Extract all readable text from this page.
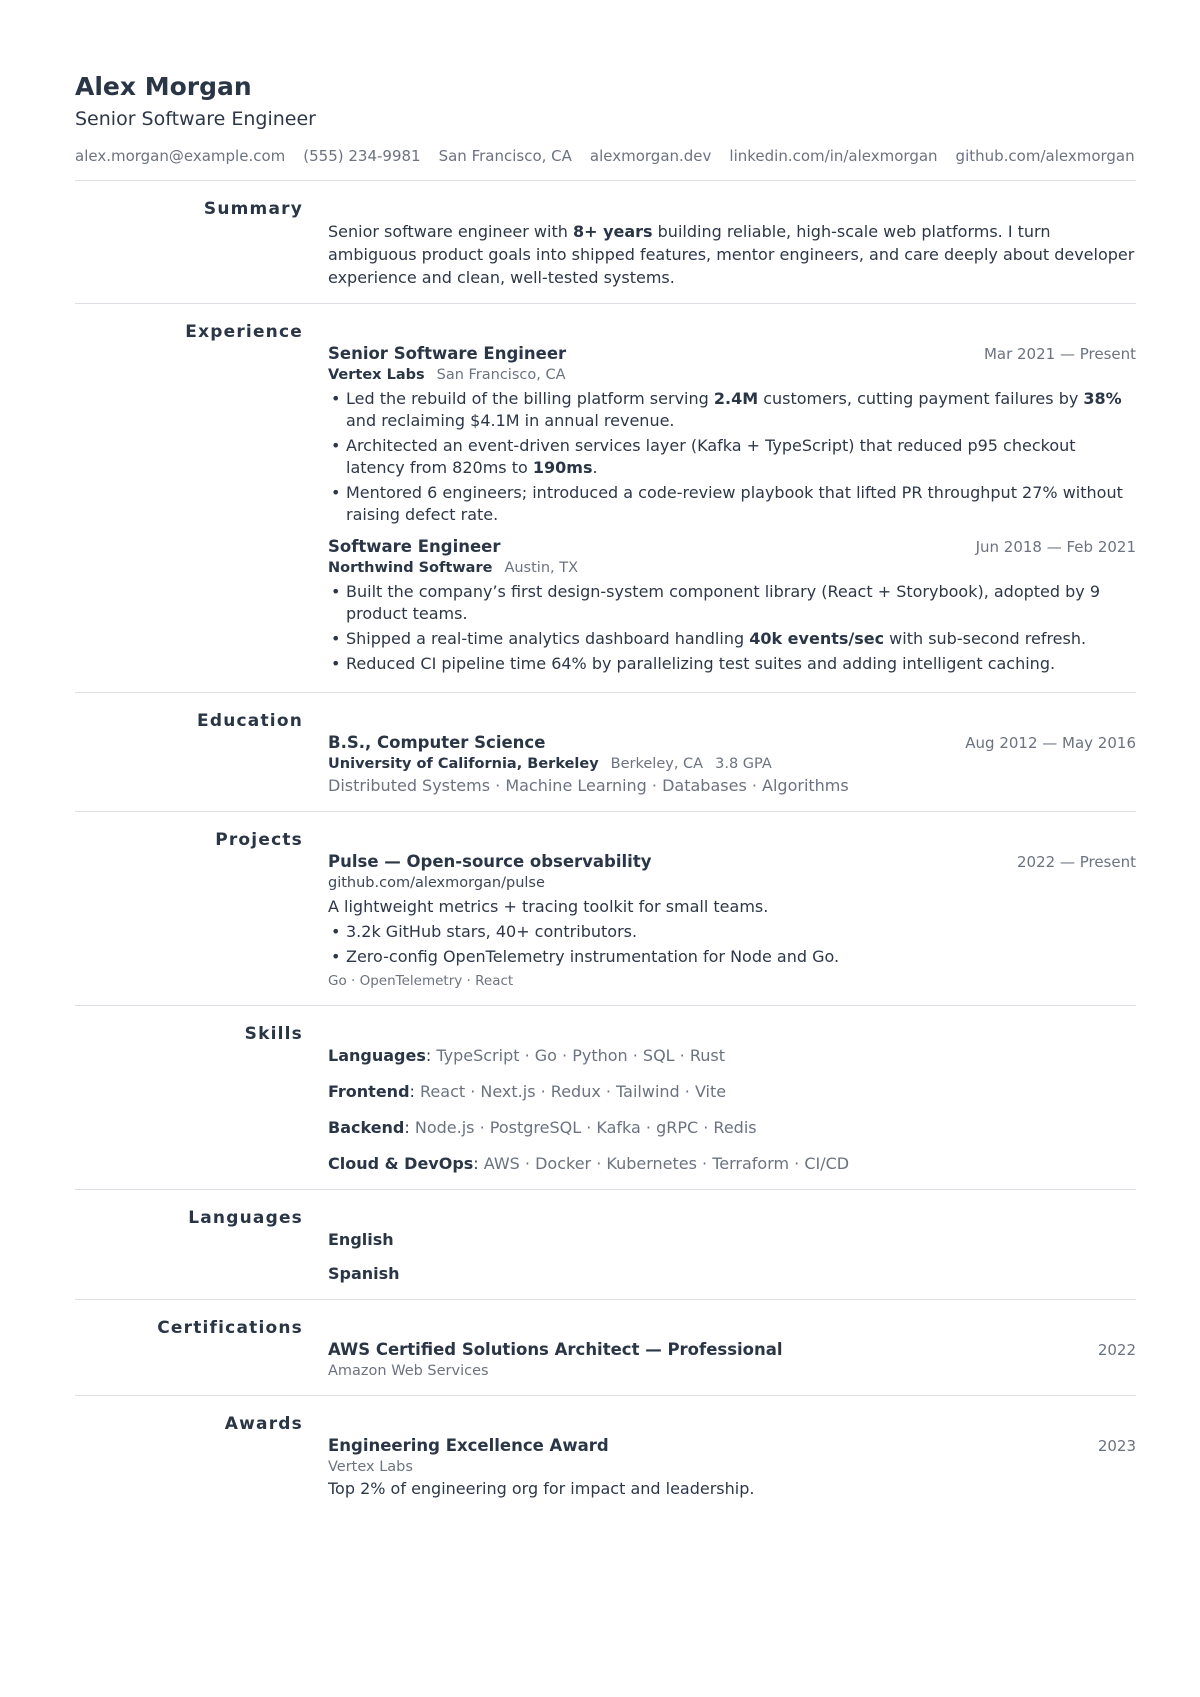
Alex Morgan
Senior Software Engineer
alex.morgan@example.com (555) 234-9981 San Francisco, CA alexmorgan.dev linkedin.com/in/alexmorgan github.com/alexmorgan
Summary
Senior software engineer with 8+ years building reliable, high-scale web platforms. I turn ambiguous product goals into shipped features, mentor engineers, and care deeply about developer experience and clean, well-tested systems.
Experience
Senior Software Engineer	Mar 2021 — Present
Vertex Labs San Francisco, CA
• Led the rebuild of the billing platform serving 2.4M customers, cutting payment failures by 38% and reclaiming $4.1M in annual revenue.
• Architected an event-driven services layer (Kafka + TypeScript) that reduced p95 checkout latency from 820ms to 190ms.
• Mentored 6 engineers; introduced a code-review playbook that lifted PR throughput 27% without raising defect rate.
Software Engineer	Jun 2018 — Feb 2021
Northwind Software Austin, TX
• Built the company’s first design-system component library (React + Storybook), adopted by 9 product teams.
• Shipped a real-time analytics dashboard handling 40k events/sec with sub-second refresh.
• Reduced CI pipeline time 64% by parallelizing test suites and adding intelligent caching.
Education
B.S., Computer Science	Aug 2012 — May 2016
University of California, Berkeley Berkeley, CA 3.8 GPA
Distributed Systems · Machine Learning · Databases · Algorithms
Projects
Pulse — Open-source observability	2022 — Present
github.com/alexmorgan/pulse
A lightweight metrics + tracing toolkit for small teams.
• 3.2k GitHub stars, 40+ contributors.
• Zero-config OpenTelemetry instrumentation for Node and Go.
Go · OpenTelemetry · React
Skills
Languages: TypeScript · Go · Python · SQL · Rust
Frontend: React · Next.js · Redux · Tailwind · Vite
Backend: Node.js · PostgreSQL · Kafka · gRPC · Redis
Cloud & DevOps: AWS · Docker · Kubernetes · Terraform · CI/CD
Languages
English
Spanish
Certifications
AWS Certified Solutions Architect — Professional	2022
Amazon Web Services
Awards
Engineering Excellence Award	2023
Vertex Labs
Top 2% of engineering org for impact and leadership.
